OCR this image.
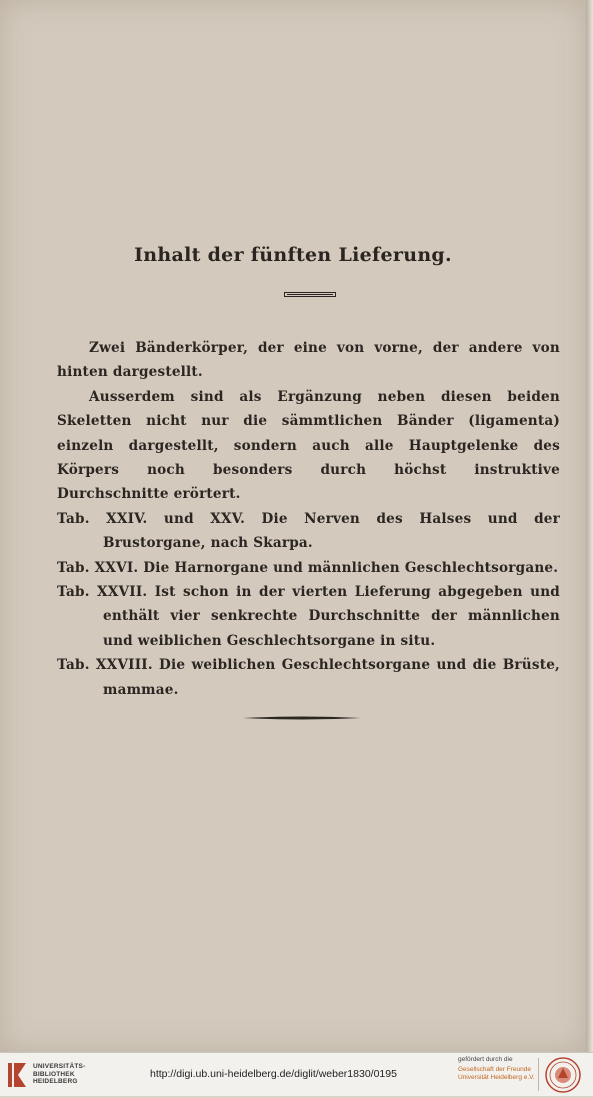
Inhalt der fünften Lieferung.

Zwei Bänderkörper, der eine von vorne, der andere von hinten dargestellt.

Ausserdem sind als Ergänzung neben diesen beiden Skeletten nicht nur die sämmtlichen Bänder (ligamenta) einzeln dargestellt, sondern auch alle Hauptgelenke des Körpers noch besonders durch höchst instruktive Durchschnitte erörtert.

Tab. XXIV. und XXV. Die Nerven des Halses und der Brustorgane, nach Skarpa.

Tab. XXVI. Die Harnorgane und männlichen Geschlechtsorgane.

Tab. XXVII. Ist schon in der vierten Lieferung abgegeben und enthält vier senkrechte Durchschnitte der männlichen und weiblichen Geschlechtsorgane in situ.

Tab. XXVIII. Die weiblichen Geschlechtsorgane und die Brüste, mammae.

UNIVERSITÄTS-
BIBLIOTHEK
HEIDELBERG
http://digi.ub.uni-heidelberg.de/diglit/weber1830/0195
gefördert durch die
Gesellschaft der Freunde
Universität Heidelberg e.V.
